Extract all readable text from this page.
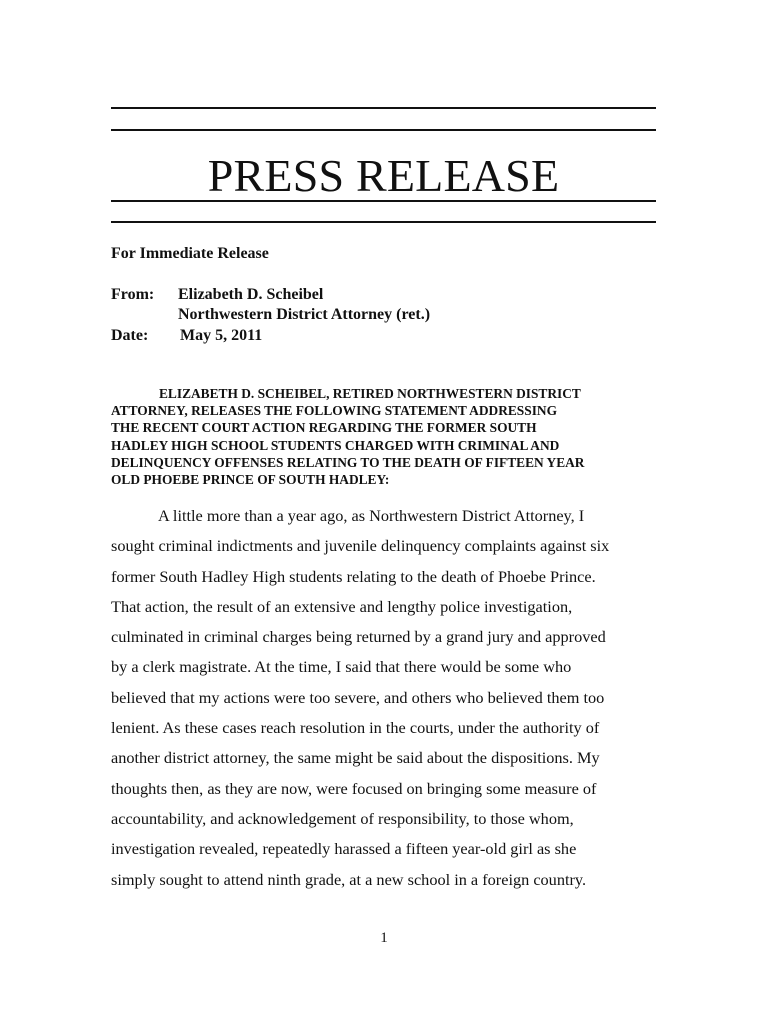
PRESS RELEASE
For Immediate Release
From: Elizabeth D. Scheibel
Northwestern District Attorney (ret.)
Date: May 5, 2011
ELIZABETH D. SCHEIBEL, RETIRED NORTHWESTERN DISTRICT
ATTORNEY, RELEASES THE FOLLOWING STATEMENT ADDRESSING
THE RECENT COURT ACTION REGARDING THE FORMER SOUTH
HADLEY HIGH SCHOOL STUDENTS CHARGED WITH CRIMINAL AND
DELINQUENCY OFFENSES RELATING TO THE DEATH OF FIFTEEN YEAR
OLD PHOEBE PRINCE OF SOUTH HADLEY:
A little more than a year ago, as Northwestern District Attorney, I
sought criminal indictments and juvenile delinquency complaints against six
former South Hadley High students relating to the death of Phoebe Prince.
That action, the result of an extensive and lengthy police investigation,
culminated in criminal charges being returned by a grand jury and approved
by a clerk magistrate. At the time, I said that there would be some who
believed that my actions were too severe, and others who believed them too
lenient. As these cases reach resolution in the courts, under the authority of
another district attorney, the same might be said about the dispositions. My
thoughts then, as they are now, were focused on bringing some measure of
accountability, and acknowledgement of responsibility, to those whom,
investigation revealed, repeatedly harassed a fifteen year-old girl as she
simply sought to attend ninth grade, at a new school in a foreign country.
1
